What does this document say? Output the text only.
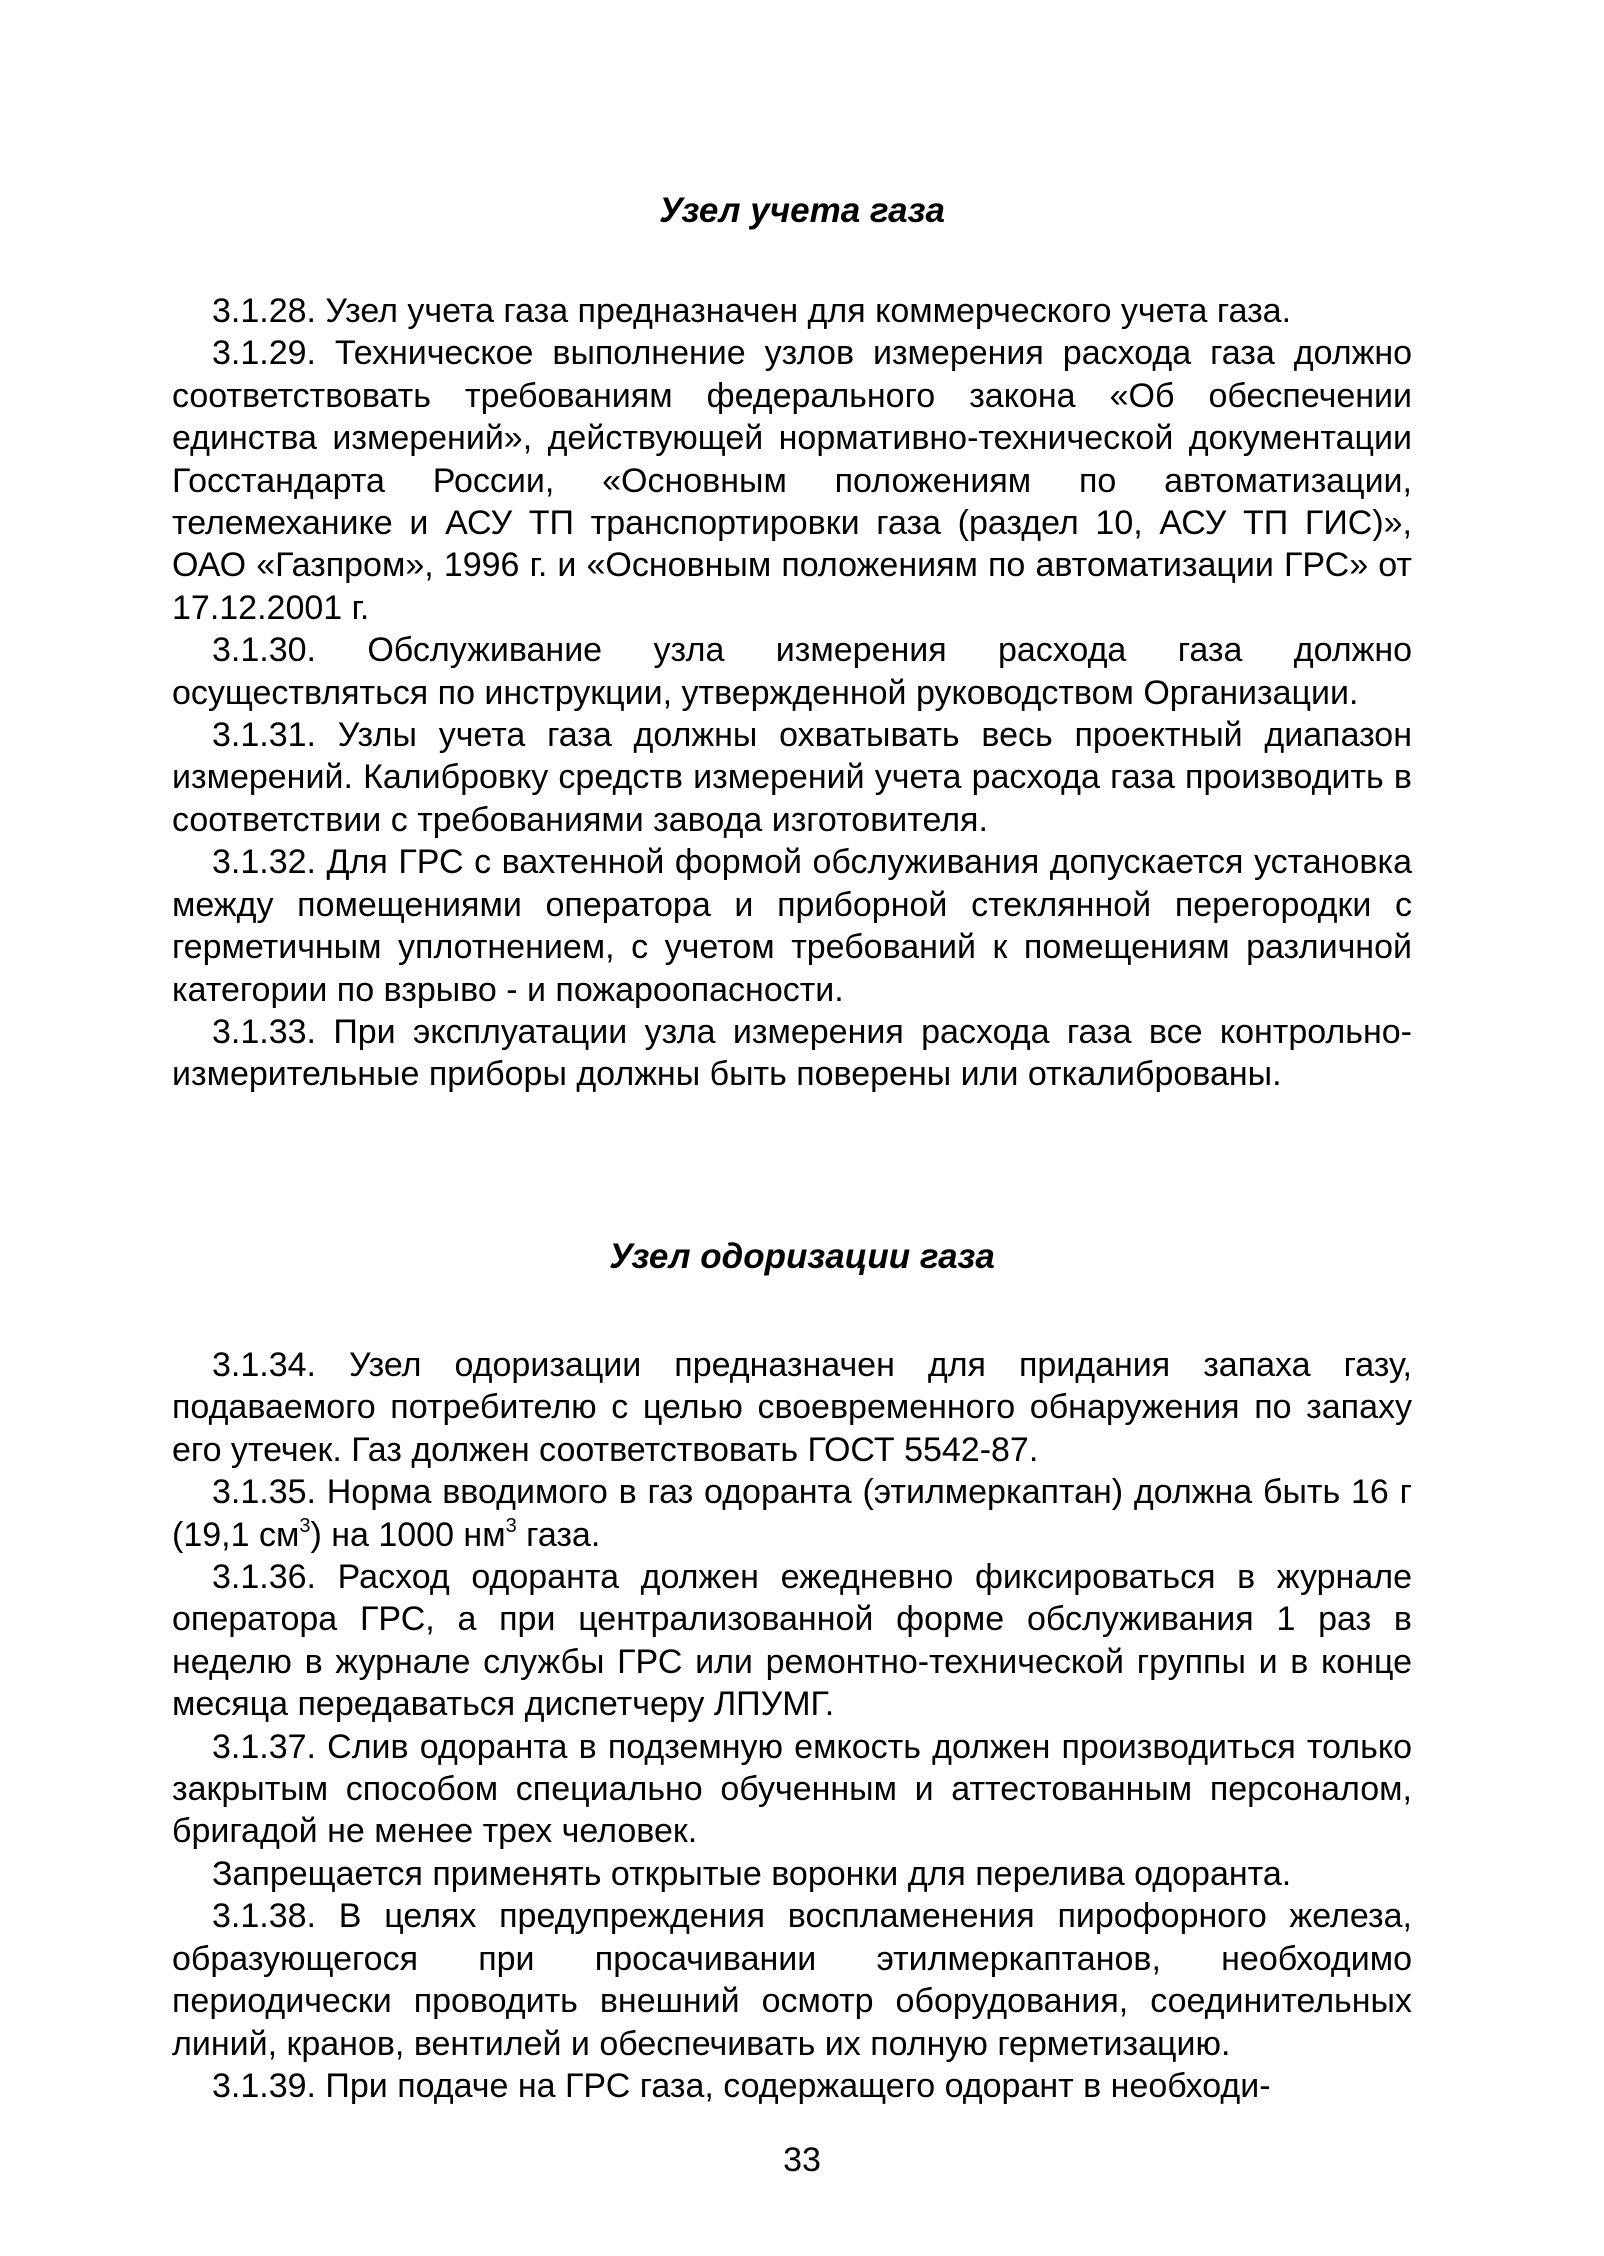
Узел учета газа

3.1.28. Узел учета газа предназначен для коммерческого учета газа.

3.1.29. Техническое выполнение узлов измерения расхода газа должно соответствовать требованиям федерального закона «Об обеспечении единства измерений», действующей нормативно-технической документации Госстандарта России, «Основным положениям по автоматизации, телемеханике и АСУ ТП транспортировки газа (раздел 10, АСУ ТП ГИС)», ОАО «Газпром», 1996 г. и «Основным положениям по автоматизации ГРС» от 17.12.2001 г.

3.1.30. Обслуживание узла измерения расхода газа должно осуществляться по инструкции, утвержденной руководством Организации.

3.1.31. Узлы учета газа должны охватывать весь проектный диапазон измерений. Калибровку средств измерений учета расхода газа производить в соответствии с требованиями завода изготовителя.

3.1.32. Для ГРС с вахтенной формой обслуживания допускается установка между помещениями оператора и приборной стеклянной перегородки с герметичным уплотнением, с учетом требований к помещениям различной категории по взрыво - и пожароопасности.

3.1.33. При эксплуатации узла измерения расхода газа все контрольно-измерительные приборы должны быть поверены или откалиброваны.

Узел одоризации газа

3.1.34. Узел одоризации предназначен для придания запаха газу, подаваемого потребителю с целью своевременного обнаружения по запаху его утечек. Газ должен соответствовать ГОСТ 5542-87.

3.1.35. Норма вводимого в газ одоранта (этилмеркаптан) должна быть 16 г (19,1 $см^3$) на 1000 $нм^3$ газа.

3.1.36. Расход одоранта должен ежедневно фиксироваться в журнале оператора ГРС, а при централизованной форме обслуживания 1 раз в неделю в журнале службы ГРС или ремонтно-технической группы и в конце месяца передаваться диспетчеру ЛПУМГ.

3.1.37. Слив одоранта в подземную емкость должен производиться только закрытым способом специально обученным и аттестованным персоналом, бригадой не менее трех человек.

Запрещается применять открытые воронки для перелива одоранта.

3.1.38. В целях предупреждения воспламенения пирофорного железа, образующегося при просачивании этилмеркаптанов, необходимо периодически проводить внешний осмотр оборудования, соединительных линий, кранов, вентилей и обеспечивать их полную герметизацию.

3.1.39. При подаче на ГРС газа, содержащего одорант в необходи-

33
